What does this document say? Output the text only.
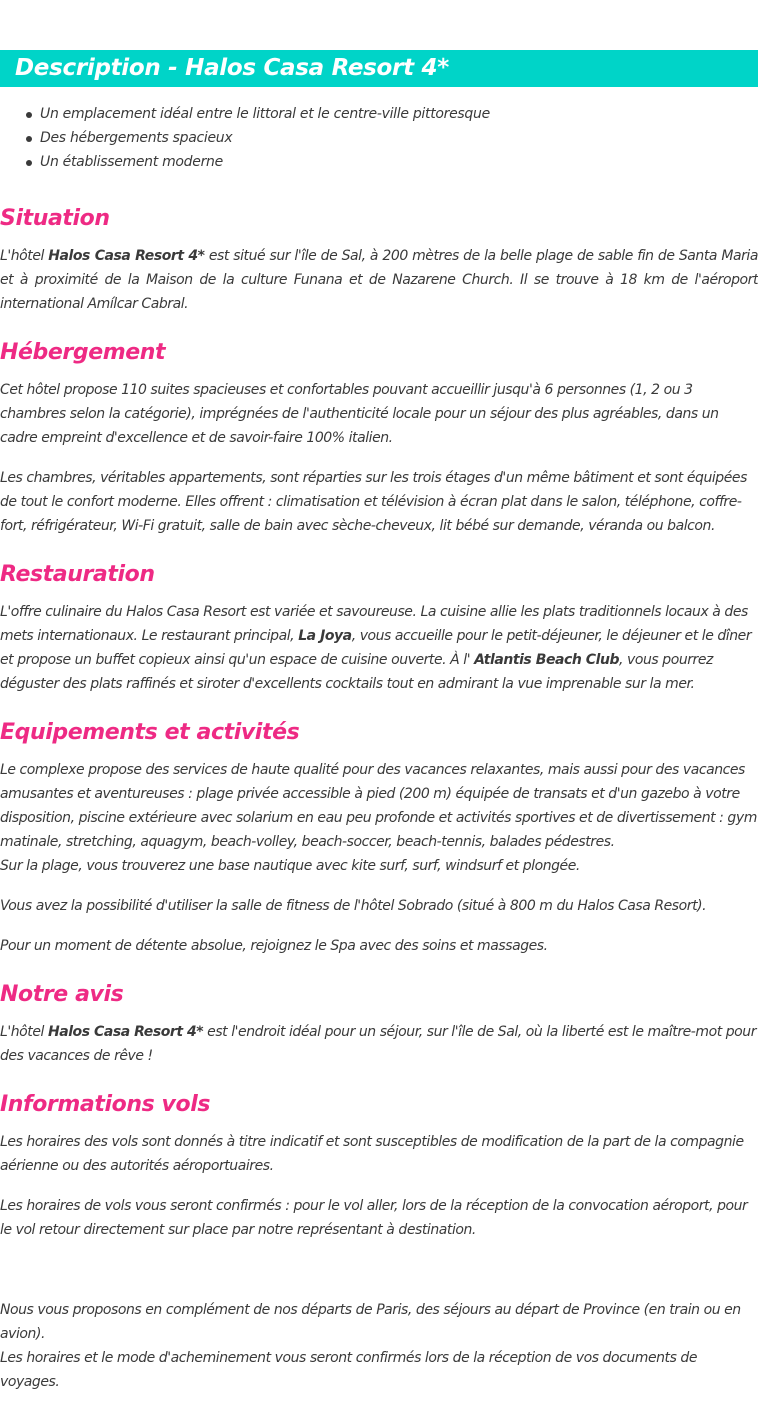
Description - Halos Casa Resort 4*
Un emplacement idéal entre le littoral et le centre-ville pittoresque
Des hébergements spacieux
Un établissement moderne
Situation

L'hôtel Halos Casa Resort 4* est situé sur l'île de Sal, à 200 mètres de la belle plage de sable fin de Santa Maria et à proximité de la Maison de la culture Funana et de Nazarene Church. Il se trouve à 18 km de l'aéroport international Amílcar Cabral.

Hébergement

Cet hôtel propose 110 suites spacieuses et confortables pouvant accueillir jusqu'à 6 personnes (1, 2 ou 3 chambres selon la catégorie), imprégnées de l'authenticité locale pour un séjour des plus agréables, dans un cadre empreint d'excellence et de savoir-faire 100% italien.

Les chambres, véritables appartements, sont réparties sur les trois étages d'un même bâtiment et sont équipées de tout le confort moderne. Elles offrent : climatisation et télévision à écran plat dans le salon, téléphone, coffre-fort, réfrigérateur, Wi-Fi gratuit, salle de bain avec sèche-cheveux, lit bébé sur demande, véranda ou balcon.

Restauration

L'offre culinaire du Halos Casa Resort est variée et savoureuse. La cuisine allie les plats traditionnels locaux à des mets internationaux. Le restaurant principal, La Joya, vous accueille pour le petit-déjeuner, le déjeuner et le dîner et propose un buffet copieux ainsi qu'un espace de cuisine ouverte. À l' Atlantis Beach Club, vous pourrez déguster des plats raffinés et siroter d'excellents cocktails tout en admirant la vue imprenable sur la mer.

Equipements et activités

Le complexe propose des services de haute qualité pour des vacances relaxantes, mais aussi pour des vacances
amusantes et aventureuses : plage privée accessible à pied (200 m) équipée de transats et d'un gazebo à votre
disposition, piscine extérieure avec solarium en eau peu profonde et activités sportives et de divertissement : gym
matinale, stretching, aquagym, beach-volley, beach-soccer, beach-tennis, balades pédestres.
Sur la plage, vous trouverez une base nautique avec kite surf, surf, windsurf et plongée.

Vous avez la possibilité d'utiliser la salle de fitness de l'hôtel Sobrado (situé à 800 m du Halos Casa Resort).

Pour un moment de détente absolue, rejoignez le Spa avec des soins et massages.

Notre avis

L'hôtel Halos Casa Resort 4* est l'endroit idéal pour un séjour, sur l'île de Sal, où la liberté est le maître-mot pour des vacances de rêve !

Informations vols

Les horaires des vols sont donnés à titre indicatif et sont susceptibles de modification de la part de la compagnie aérienne ou des autorités aéroportuaires.

Les horaires de vols vous seront confirmés : pour le vol aller, lors de la réception de la convocation aéroport, pour le vol retour directement sur place par notre représentant à destination.

Nous vous proposons en complément de nos départs de Paris, des séjours au départ de Province (en train ou en avion).
Les horaires et le mode d'acheminement vous seront confirmés lors de la réception de vos documents de voyages.
